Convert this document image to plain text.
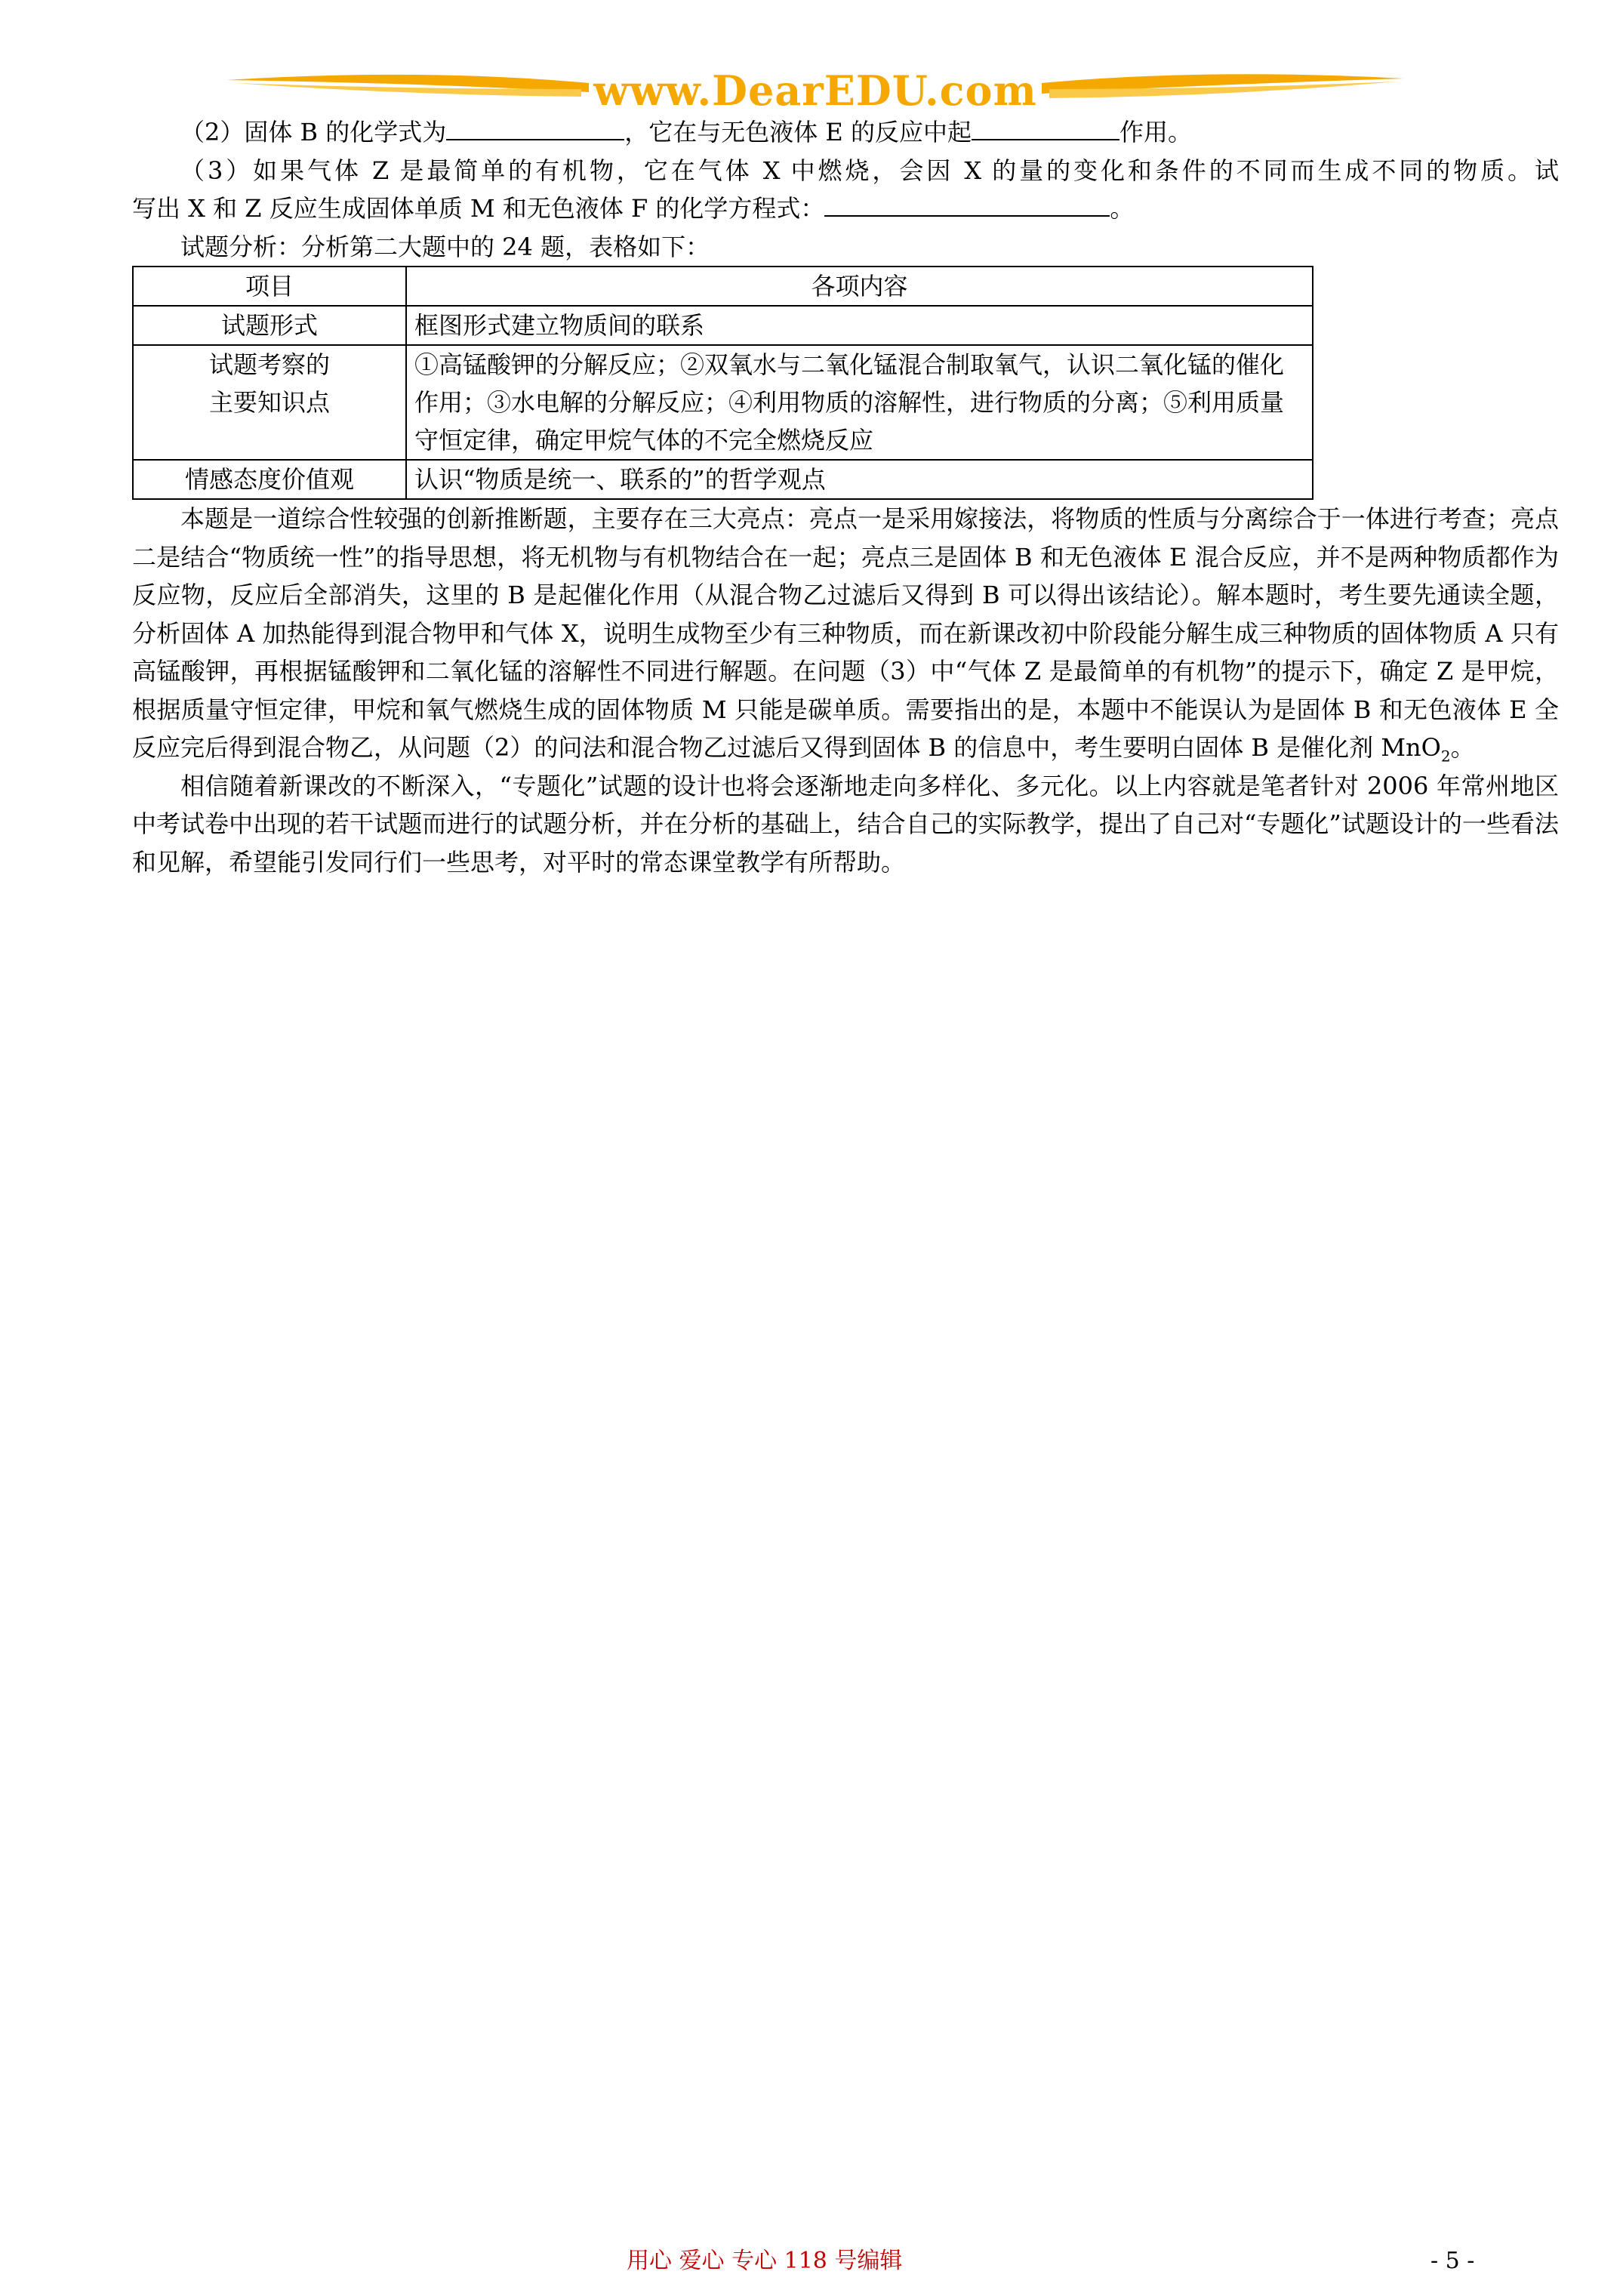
www.DearEDU.com

（2）固体 B 的化学式为	，它在与无色液体 E 的反应中起	作用。

（3）如果气体 Z 是最简单的有机物，它在气体 X 中燃烧，会因 X 的量的变化和条件的不同而生成不同的物质。试

写出 X 和 Z 反应生成固体单质 M 和无色液体 F 的化学方程式：	。

试题分析：分析第二大题中的 24 题，表格如下：

项目	各项内容
试题形式	框图形式建立物质间的联系

试题考察的
主要知识点	①高锰酸钾的分解反应；②双氧水与二氧化锰混合制取氧气，认识二氧化锰的催化作用；③水电解的分解反应；④利用物质的溶解性，进行物质的分离；⑤利用质量守恒定律，确定甲烷气体的不完全燃烧反应
情感态度价值观	认识“物质是统一、联系的”的哲学观点

本题是一道综合性较强的创新推断题，主要存在三大亮点：亮点一是采用嫁接法，将物质的性质与分离综合于一体进行考查；亮点二是结合“物质统一性”的指导思想，将无机物与有机物结合在一起；亮点三是固体 B 和无色液体 E 混合反应，并不是两种物质都作为反应物，反应后全部消失，这里的 B 是起催化作用（从混合物乙过滤后又得到 B 可以得出该结论）。解本题时，考生要先通读全题，分析固体 A 加热能得到混合物甲和气体 X，说明生成物至少有三种物质，而在新课改初中阶段能分解生成三种物质的固体物质 A 只有高锰酸钾，再根据锰酸钾和二氧化锰的溶解性不同进行解题。在问题（3）中“气体 Z 是最简单的有机物”的提示下，确定 Z 是甲烷，根据质量守恒定律，甲烷和氧气燃烧生成的固体物质 M 只能是碳单质。需要指出的是，本题中不能误认为是固体 B 和无色液体 E 全反应完后得到混合物乙，从问题（2）的问法和混合物乙过滤后又得到固体 B 的信息中，考生要明白固体 B 是催化剂 MnO$_2$。

相信随着新课改的不断深入，“专题化”试题的设计也将会逐渐地走向多样化、多元化。以上内容就是笔者针对 2006 年常州地区中考试卷中出现的若干试题而进行的试题分析，并在分析的基础上，结合自己的实际教学，提出了自己对“专题化”试题设计的一些看法和见解，希望能引发同行们一些思考，对平时的常态课堂教学有所帮助。

用心 爱心 专心 118 号编辑	- 5 -
